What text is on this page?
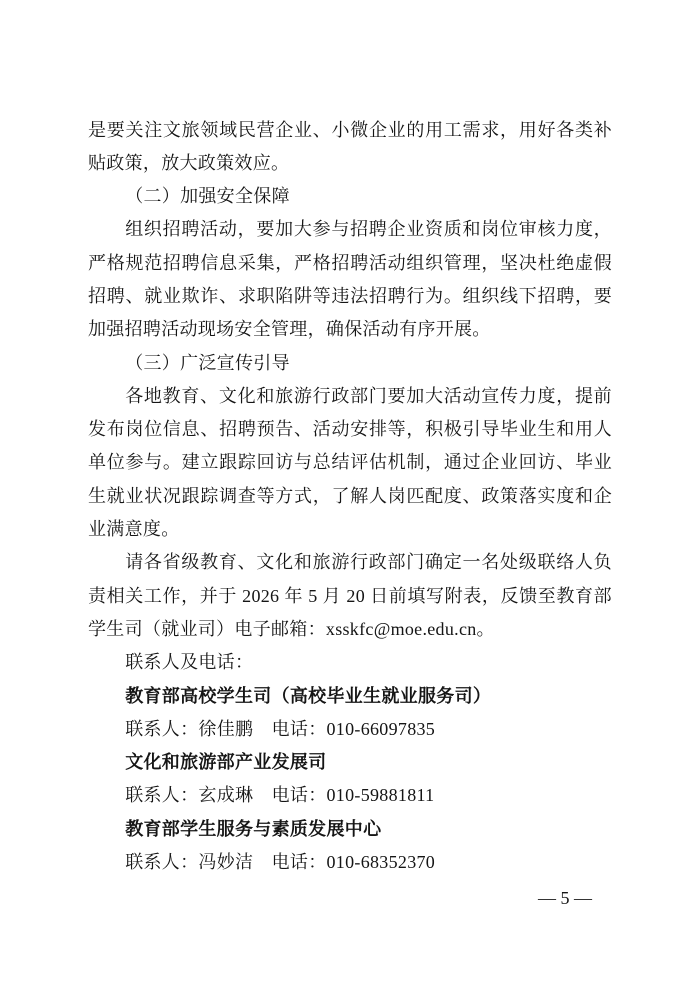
是要关注文旅领域民营企业、小微企业的用工需求，用好各类补
贴政策，放大政策效应。
（二）加强安全保障
组织招聘活动，要加大参与招聘企业资质和岗位审核力度，
严格规范招聘信息采集，严格招聘活动组织管理，坚决杜绝虚假
招聘、就业欺诈、求职陷阱等违法招聘行为。组织线下招聘，要
加强招聘活动现场安全管理，确保活动有序开展。
（三）广泛宣传引导
各地教育、文化和旅游行政部门要加大活动宣传力度，提前
发布岗位信息、招聘预告、活动安排等，积极引导毕业生和用人
单位参与。建立跟踪回访与总结评估机制，通过企业回访、毕业
生就业状况跟踪调查等方式，了解人岗匹配度、政策落实度和企
业满意度。
请各省级教育、文化和旅游行政部门确定一名处级联络人负
责相关工作，并于 2026 年 5 月 20 日前填写附表，反馈至教育部
学生司（就业司）电子邮箱：xsskfc@moe.edu.cn。
联系人及电话：
教育部高校学生司（高校毕业生就业服务司）
联系人：徐佳鹏 电话：010-66097835
文化和旅游部产业发展司
联系人：玄成琳 电话：010-59881811
教育部学生服务与素质发展中心
联系人：冯妙洁 电话：010-68352370
— 5 —
